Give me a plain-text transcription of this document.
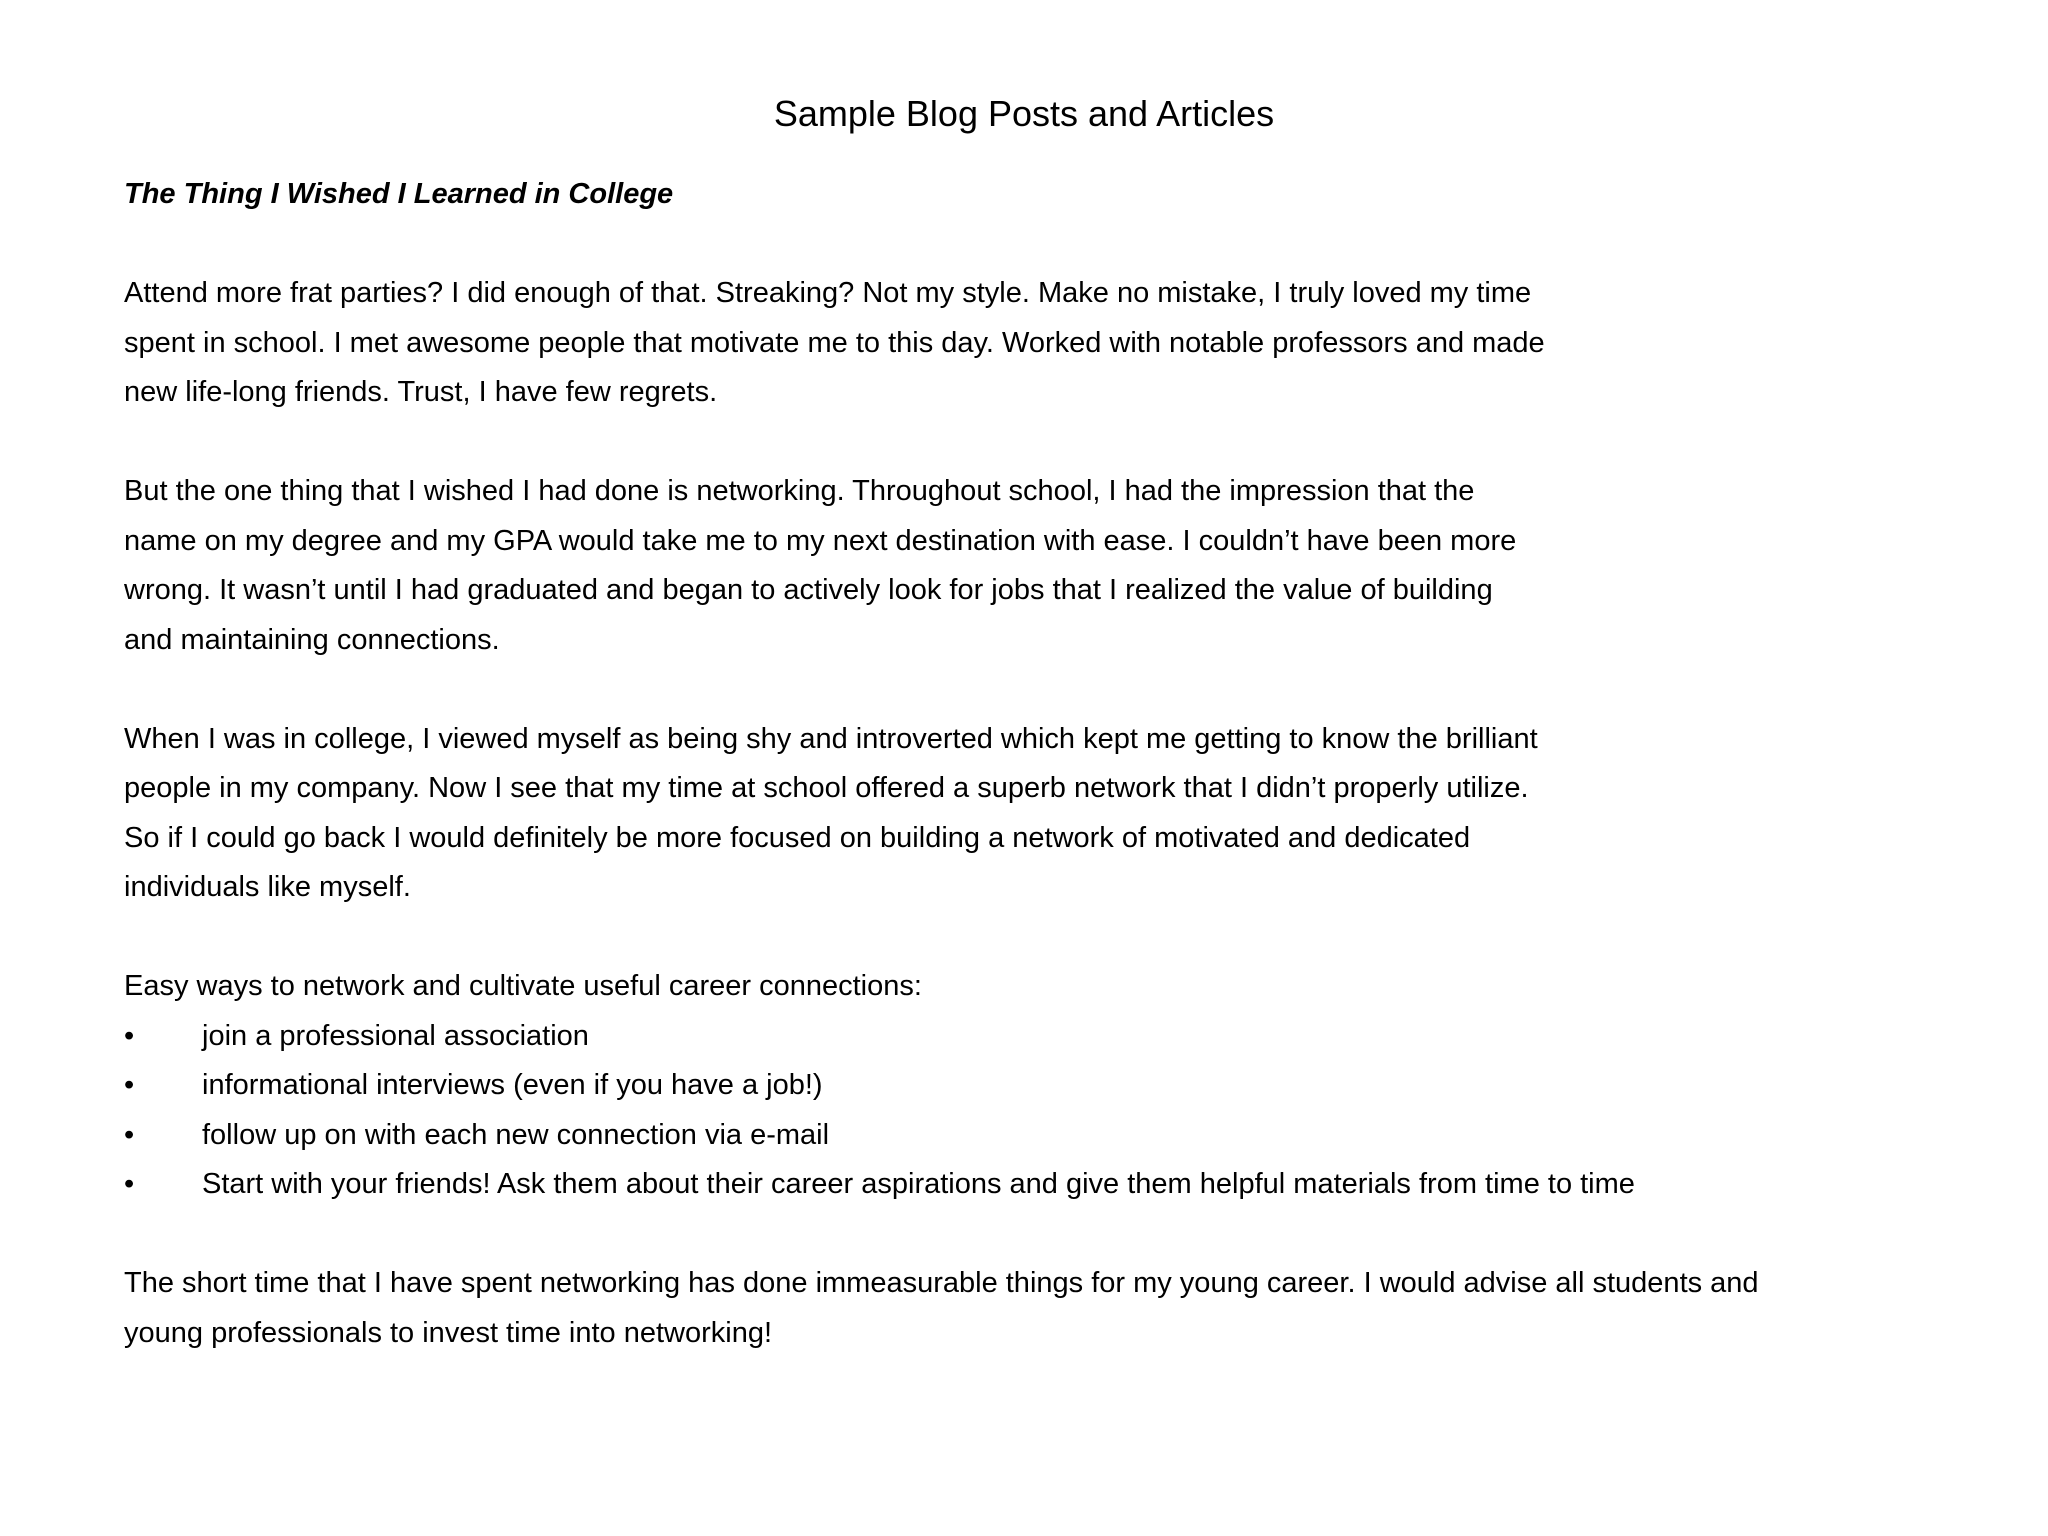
Sample Blog Posts and Articles
The Thing I Wished I Learned in College
Attend more frat parties? I did enough of that. Streaking? Not my style. Make no mistake, I truly loved my time
spent in school. I met awesome people that motivate me to this day. Worked with notable professors and made
new life-long friends. Trust, I have few regrets.
But the one thing that I wished I had done is networking. Throughout school, I had the impression that the
name on my degree and my GPA would take me to my next destination with ease. I couldn’t have been more
wrong. It wasn’t until I had graduated and began to actively look for jobs that I realized the value of building
and maintaining connections.
When I was in college, I viewed myself as being shy and introverted which kept me getting to know the brilliant
people in my company. Now I see that my time at school offered a superb network that I didn’t properly utilize.
So if I could go back I would definitely be more focused on building a network of motivated and dedicated
individuals like myself.
Easy ways to network and cultivate useful career connections:
•	join a professional association
•	informational interviews (even if you have a job!)
•	follow up on with each new connection via e-mail
•	Start with your friends! Ask them about their career aspirations and give them helpful materials from time to time
The short time that I have spent networking has done immeasurable things for my young career. I would advise all students and
young professionals to invest time into networking!
